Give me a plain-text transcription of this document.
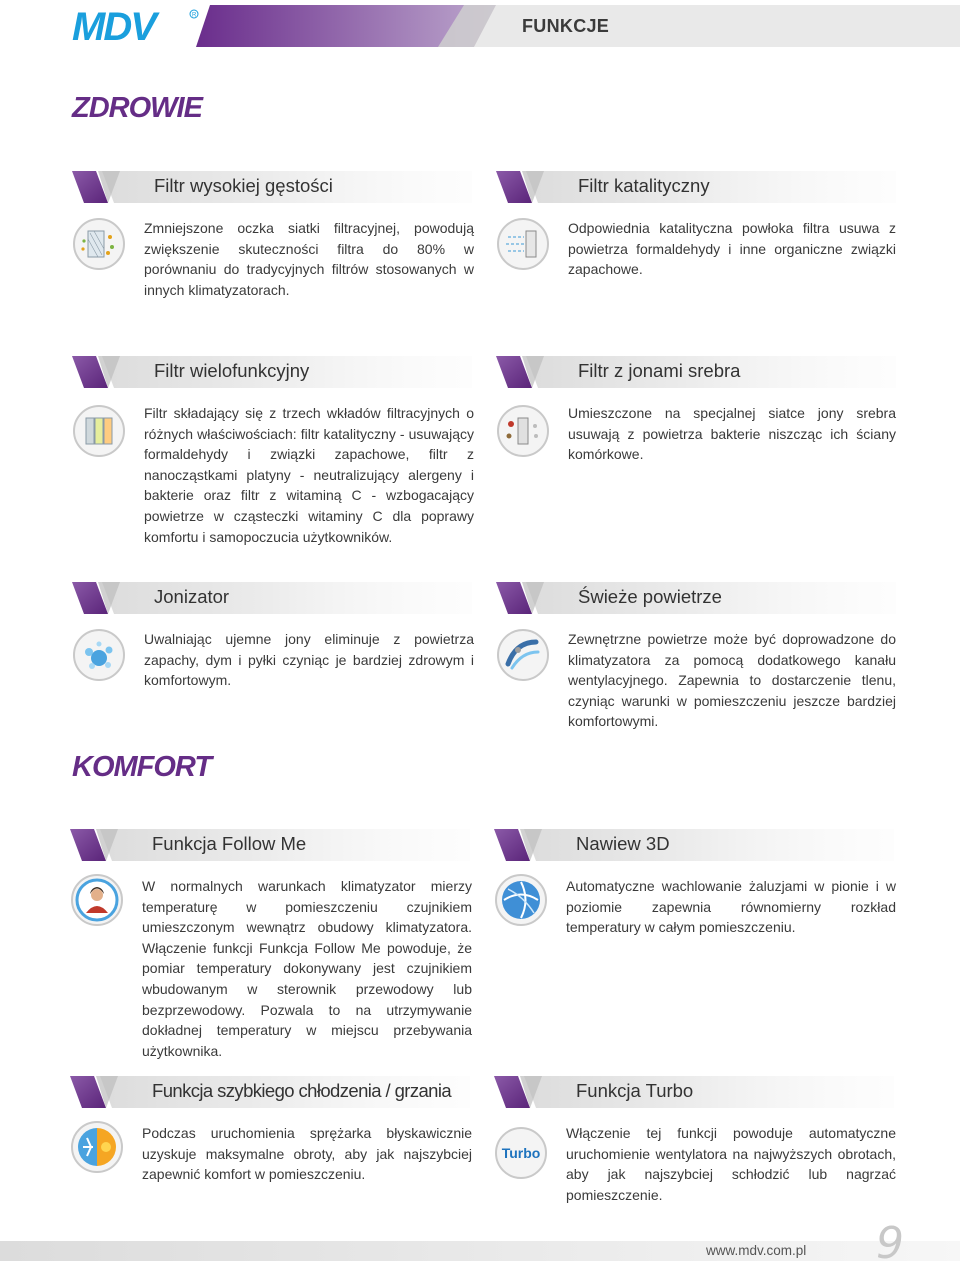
MDV	R
FUNKCJE
ZDROWIE
Filtr wysokiej gęstości
Zmniejszone oczka siatki filtracyjnej, powodują zwiększenie skuteczności filtra do 80% w porównaniu do tradycyjnych filtrów stosowanych w innych klimatyzatorach.
Filtr katalityczny
Odpowiednia katalityczna powłoka filtra usuwa z powietrza formaldehydy i inne organiczne związki zapachowe.
Filtr wielofunkcyjny
Filtr składający się z trzech wkładów filtracyjnych o różnych właściwościach: filtr katalityczny - usuwający formaldehydy i związki zapachowe, filtr z nanocząstkami platyny - neutralizujący alergeny i bakterie oraz filtr z witaminą C - wzbogacający powietrze w cząsteczki witaminy C dla poprawy komfortu i samopoczucia użytkowników.
Filtr z jonami srebra
Umieszczone na specjalnej siatce jony srebra usuwają z powietrza bakterie niszcząc ich ściany komórkowe.
Jonizator
Uwalniając ujemne jony eliminuje z powietrza zapachy, dym i pyłki czyniąc je bardziej zdrowym i komfortowym.
Świeże powietrze
Zewnętrzne powietrze może być doprowadzone do klimatyzatora za pomocą dodatkowego kanału wentylacyjnego. Zapewnia to dostarczenie tlenu, czyniąc warunki w pomieszczeniu jeszcze bardziej komfortowymi.
KOMFORT
Funkcja Follow Me
W normalnych warunkach klimatyzator mierzy temperaturę w pomieszczeniu czujnikiem umieszczonym wewnątrz obudowy klimatyzatora. Włączenie funkcji Funkcja Follow Me powoduje, że pomiar temperatury dokonywany jest czujnikiem wbudowanym w sterownik przewodowy lub bezprzewodowy. Pozwala to na utrzymywanie dokładnej temperatury w miejscu przebywania użytkownika.
Nawiew 3D
Automatyczne wachlowanie żaluzjami w pionie i w poziomie zapewnia równomierny rozkład temperatury w całym pomieszczeniu.
Funkcja szybkiego chłodzenia / grzania
Podczas uruchomienia sprężarka błyskawicznie uzyskuje maksymalne obroty, aby jak najszybciej zapewnić komfort w pomieszczeniu.
Funkcja Turbo
Turbo
Włączenie tej funkcji powoduje automatyczne uruchomienie wentylatora na najwyższych obrotach, aby jak najszybciej schłodzić lub nagrzać pomieszczenie.
www.mdv.com.pl 9
